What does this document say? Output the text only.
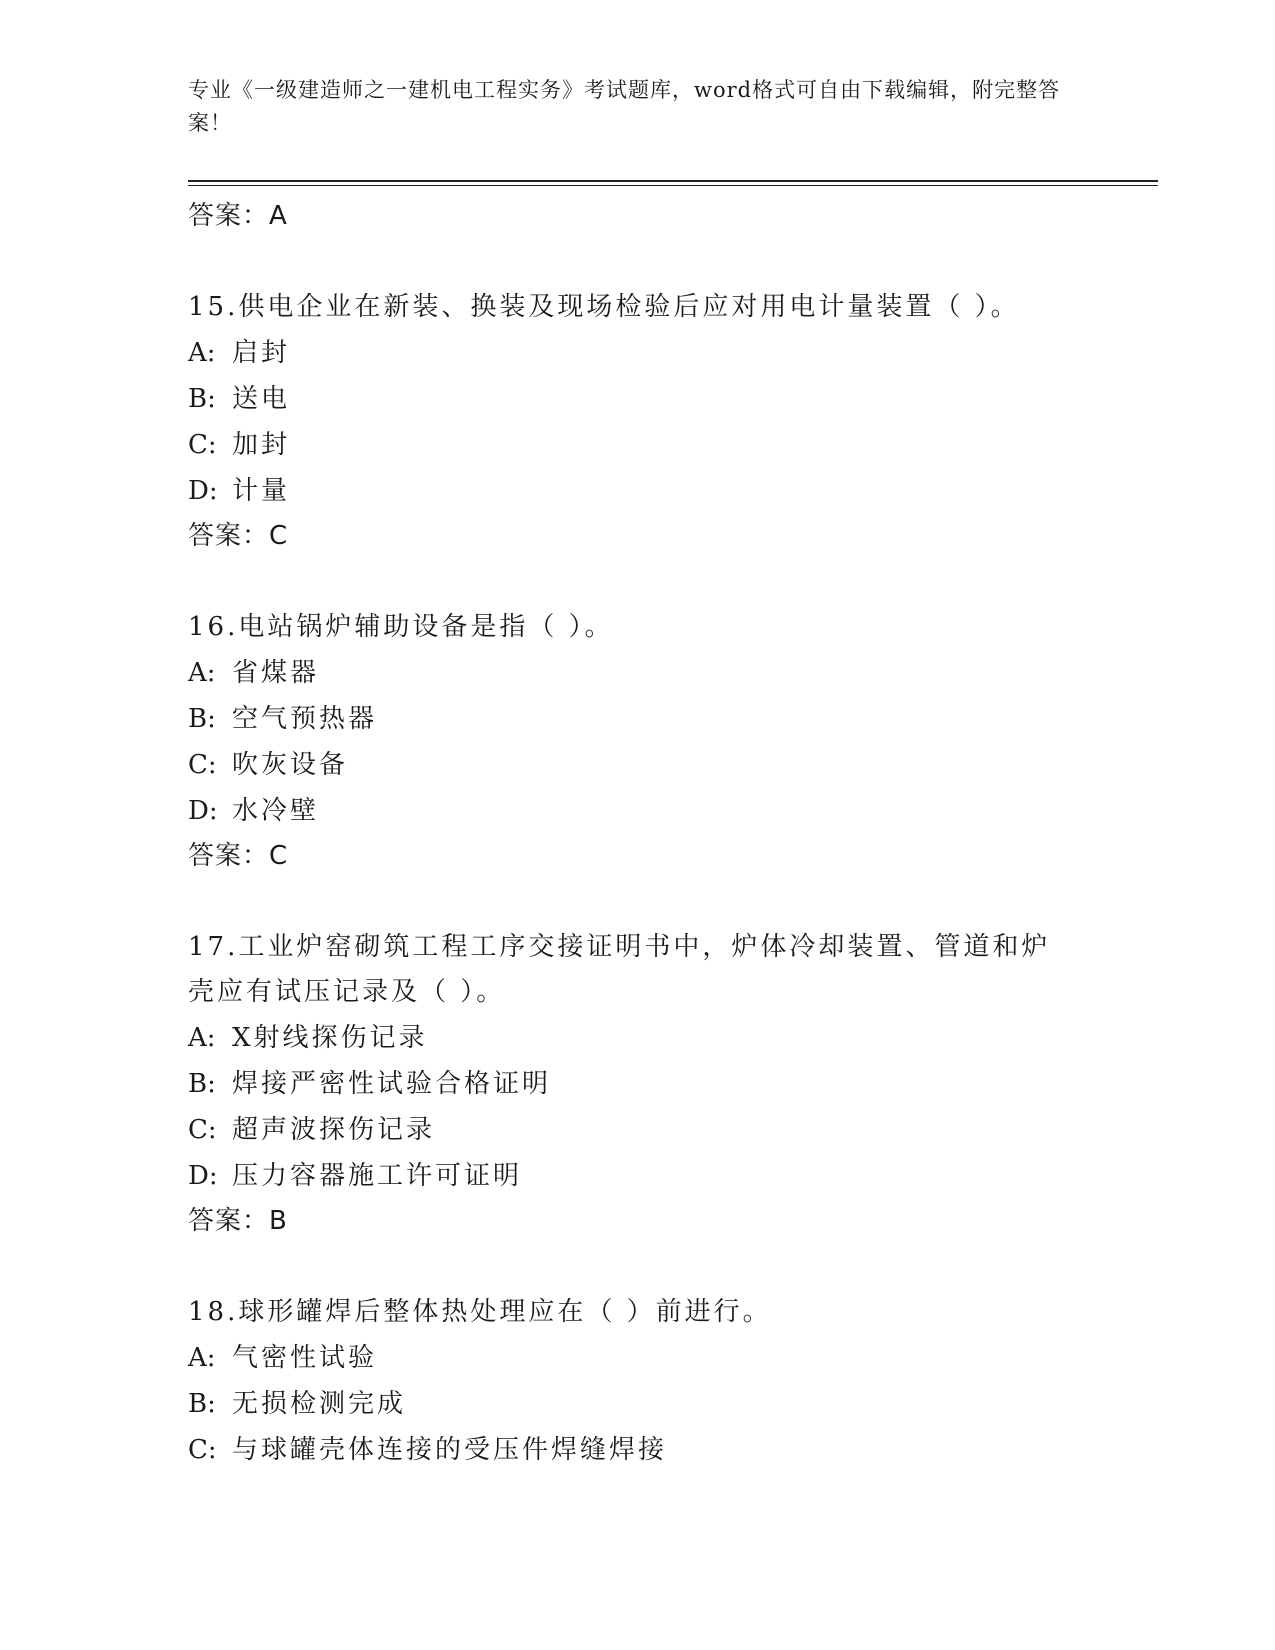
专业《一级建造师之一建机电工程实务》考试题库，word格式可自由下载编辑，附完整答案！
答案：A
15.供电企业在新装、换装及现场检验后应对用电计量装置（ ）。
A: 启封
B: 送电
C: 加封
D: 计量
答案：C
16.电站锅炉辅助设备是指（ ）。
A: 省煤器
B: 空气预热器
C: 吹灰设备
D: 水冷壁
答案：C
17.工业炉窑砌筑工程工序交接证明书中，炉体冷却装置、管道和炉壳应有试压记录及（ ）。
A: X射线探伤记录
B: 焊接严密性试验合格证明
C: 超声波探伤记录
D: 压力容器施工许可证明
答案：B
18.球形罐焊后整体热处理应在（ ）前进行。
A: 气密性试验
B: 无损检测完成
C: 与球罐壳体连接的受压件焊缝焊接
